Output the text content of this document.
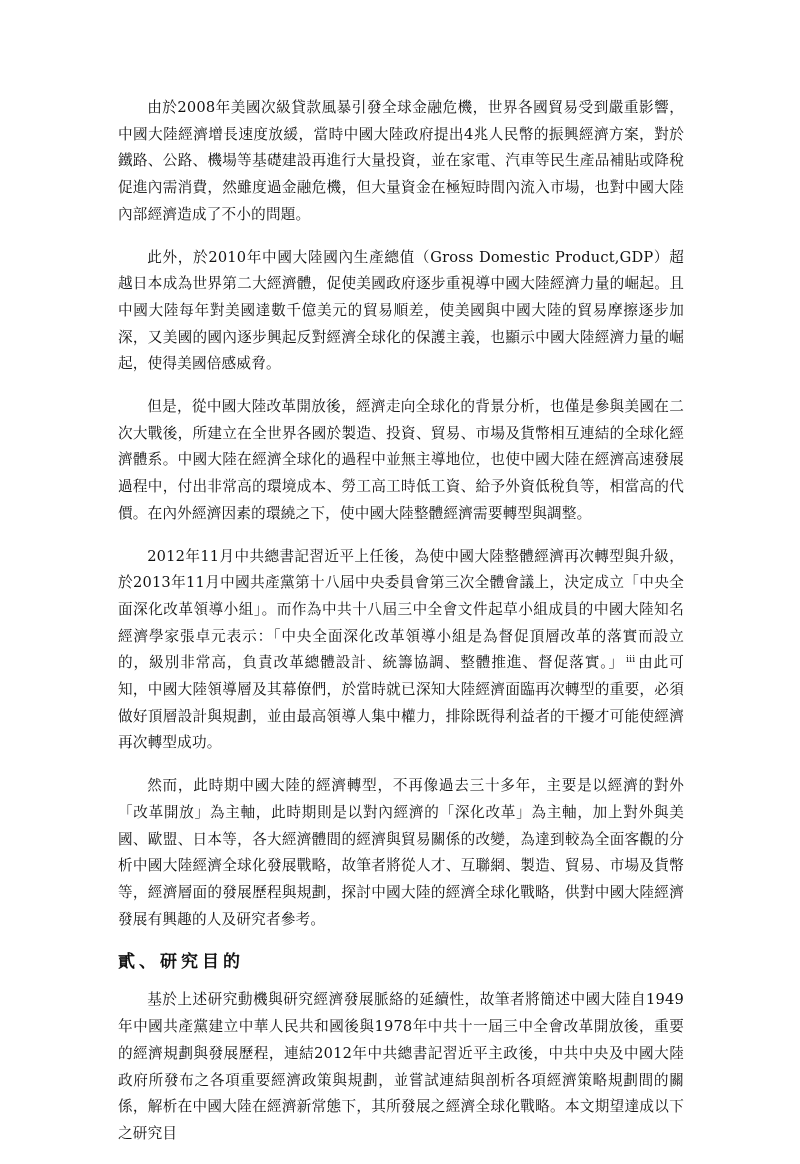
由於2008年美國次級貸款風暴引發全球金融危機，世界各國貿易受到嚴重影響，中國大陸經濟增長速度放緩，當時中國大陸政府提出4兆人民幣的振興經濟方案，對於鐵路、公路、機場等基礎建設再進行大量投資，並在家電、汽車等民生產品補貼或降稅促進內需消費，然雖度過金融危機，但大量資金在極短時間內流入市場，也對中國大陸內部經濟造成了不小的問題。

此外，於2010年中國大陸國內生產總值（Gross Domestic Product,GDP）超越日本成為世界第二大經濟體，促使美國政府逐步重視導中國大陸經濟力量的崛起。且中國大陸每年對美國達數千億美元的貿易順差，使美國與中國大陸的貿易摩擦逐步加深，又美國的國內逐步興起反對經濟全球化的保護主義，也顯示中國大陸經濟力量的崛起，使得美國倍感威脅。

但是，從中國大陸改革開放後，經濟走向全球化的背景分析，也僅是參與美國在二次大戰後，所建立在全世界各國於製造、投資、貿易、市場及貨幣相互連結的全球化經濟體系。中國大陸在經濟全球化的過程中並無主導地位，也使中國大陸在經濟高速發展過程中，付出非常高的環境成本、勞工高工時低工資、給予外資低稅負等，相當高的代價。在內外經濟因素的環繞之下，使中國大陸整體經濟需要轉型與調整。

2012年11月中共總書記習近平上任後，為使中國大陸整體經濟再次轉型與升級，於2013年11月中國共產黨第十八屆中央委員會第三次全體會議上，決定成立「中央全面深化改革領導小組」。而作為中共十八屆三中全會文件起草小組成員的中國大陸知名經濟學家張卓元表示：「中央全面深化改革領導小組是為督促頂層改革的落實而設立的，級別非常高，負責改革總體設計、統籌協調、整體推進、督促落實。」 $^{iii}$ 由此可知，中國大陸領導層及其幕僚們，於當時就已深知大陸經濟面臨再次轉型的重要，必須做好頂層設計與規劃，並由最高領導人集中權力，排除既得利益者的干擾才可能使經濟再次轉型成功。

然而，此時期中國大陸的經濟轉型，不再像過去三十多年，主要是以經濟的對外「改革開放」為主軸，此時期則是以對內經濟的「深化改革」為主軸，加上對外與美國、歐盟、日本等，各大經濟體間的經濟與貿易關係的改變，為達到較為全面客觀的分析中國大陸經濟全球化發展戰略，故筆者將從人才、互聯網、製造、貿易、市場及貨幣等，經濟層面的發展歷程與規劃，探討中國大陸的經濟全球化戰略，供對中國大陸經濟發展有興趣的人及研究者參考。

貳、研究目的

基於上述研究動機與研究經濟發展脈絡的延續性，故筆者將簡述中國大陸自1949年中國共產黨建立中華人民共和國後與1978年中共十一屆三中全會改革開放後，重要的經濟規劃與發展歷程，連結2012年中共總書記習近平主政後，中共中央及中國大陸政府所發布之各項重要經濟政策與規劃，並嘗試連結與剖析各項經濟策略規劃間的關係，解析在中國大陸在經濟新常態下，其所發展之經濟全球化戰略。本文期望達成以下之研究目
